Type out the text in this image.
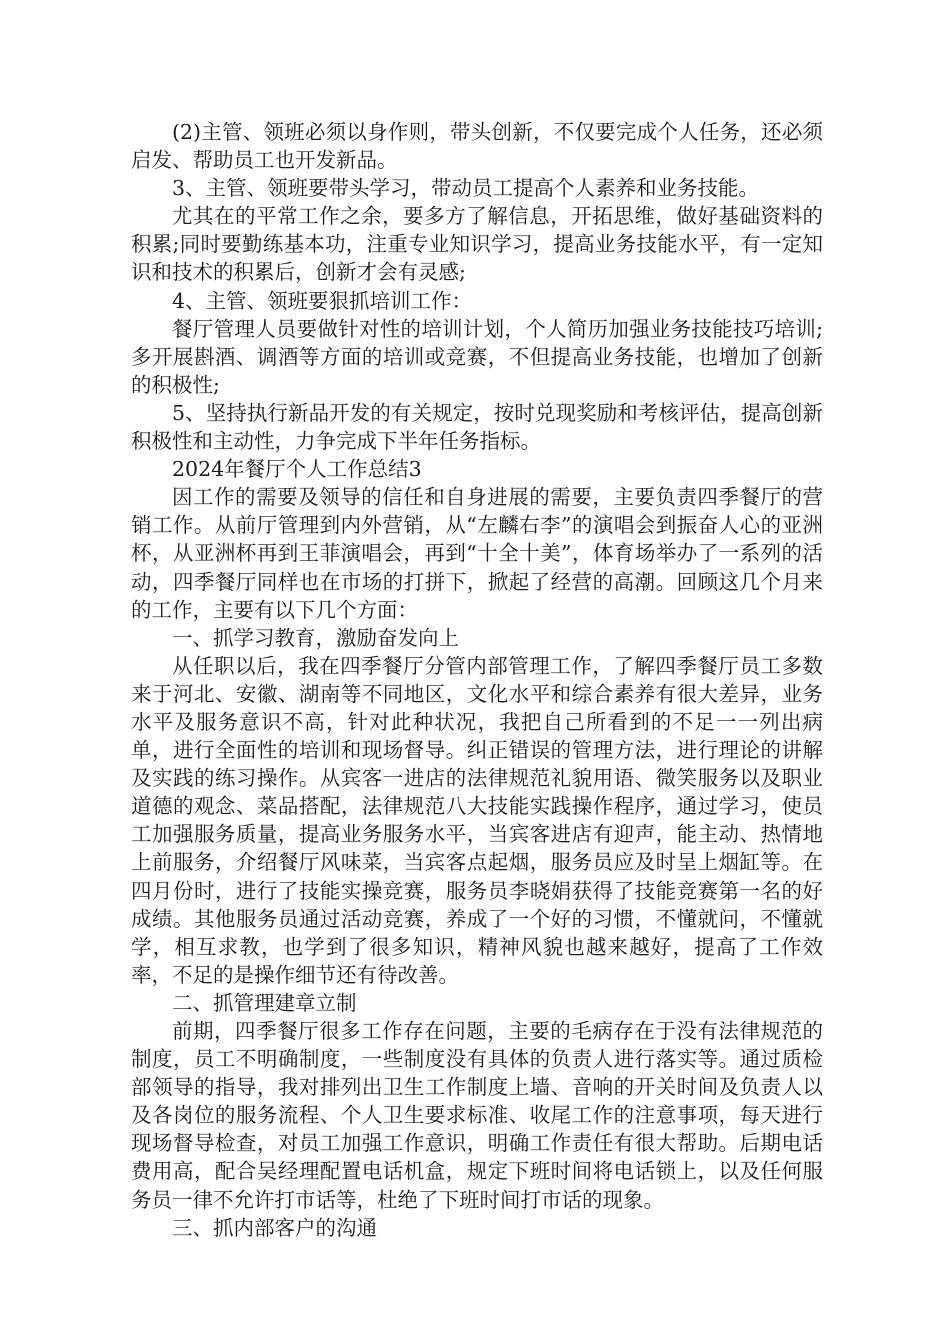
(2)主管、领班必须以身作则，带头创新，不仅要完成个人任务，还必须启发、帮助员工也开发新品。

3、主管、领班要带头学习，带动员工提高个人素养和业务技能。

尤其在的平常工作之余，要多方了解信息，开拓思维，做好基础资料的积累;同时要勤练基本功，注重专业知识学习，提高业务技能水平，有一定知识和技术的积累后，创新才会有灵感;

4、主管、领班要狠抓培训工作：

餐厅管理人员要做针对性的培训计划，个人简历加强业务技能技巧培训;多开展斟酒、调酒等方面的培训或竞赛，不但提高业务技能，也增加了创新的积极性;

5、坚持执行新品开发的有关规定，按时兑现奖励和考核评估，提高创新积极性和主动性，力争完成下半年任务指标。

2024年餐厅个人工作总结3

因工作的需要及领导的信任和自身进展的需要，主要负责四季餐厅的营销工作。从前厅管理到内外营销，从“左麟右李”的演唱会到振奋人心的亚洲杯，从亚洲杯再到王菲演唱会，再到“十全十美”，体育场举办了一系列的活动，四季餐厅同样也在市场的打拼下，掀起了经营的高潮。回顾这几个月来的工作，主要有以下几个方面：

一、抓学习教育，激励奋发向上

从任职以后，我在四季餐厅分管内部管理工作，了解四季餐厅员工多数来于河北、安徽、湖南等不同地区，文化水平和综合素养有很大差异，业务水平及服务意识不高，针对此种状况，我把自己所看到的不足一一列出病单，进行全面性的培训和现场督导。纠正错误的管理方法，进行理论的讲解及实践的练习操作。从宾客一进店的法律规范礼貌用语、微笑服务以及职业道德的观念、菜品搭配，法律规范八大技能实践操作程序，通过学习，使员工加强服务质量，提高业务服务水平，当宾客进店有迎声，能主动、热情地上前服务，介绍餐厅风味菜，当宾客点起烟，服务员应及时呈上烟缸等。在四月份时，进行了技能实操竞赛，服务员李晓娟获得了技能竞赛第一名的好成绩。其他服务员通过活动竞赛，养成了一个好的习惯，不懂就问，不懂就学，相互求教，也学到了很多知识，精神风貌也越来越好，提高了工作效率，不足的是操作细节还有待改善。

二、抓管理建章立制

前期，四季餐厅很多工作存在问题，主要的毛病存在于没有法律规范的制度，员工不明确制度，一些制度没有具体的负责人进行落实等。通过质检部领导的指导，我对排列出卫生工作制度上墙、音响的开关时间及负责人以及各岗位的服务流程、个人卫生要求标准、收尾工作的注意事项，每天进行现场督导检查，对员工加强工作意识，明确工作责任有很大帮助。后期电话费用高，配合吴经理配置电话机盒，规定下班时间将电话锁上，以及任何服务员一律不允许打市话等，杜绝了下班时间打市话的现象。

三、抓内部客户的沟通
